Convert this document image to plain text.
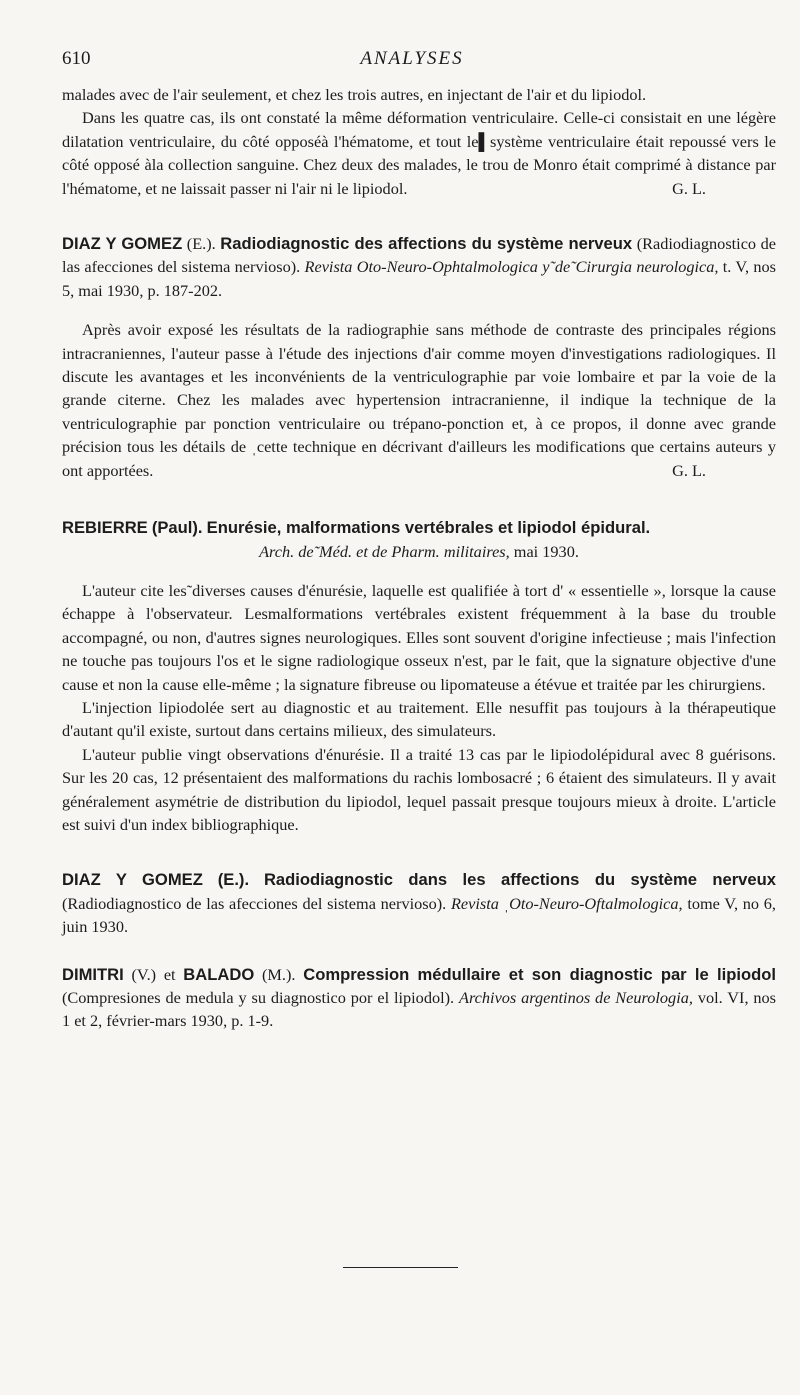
610	ANALYSES

malades avec de l'air seulement, et chez les trois autres, en injectant de l'air et du lipiodol.

Dans les quatre cas, ils ont constaté la même déformation ventriculaire. Celle-ci consistait en une légère dilatation ventriculaire, du côté opposéà l'hématome, et tout le▌système ventriculaire était repoussé vers le côté opposé àla collection sanguine. Chez deux des malades, le trou de Monro était comprimé à distance par l'hématome, et ne laissait passer ni l'air ni le lipiodol.	G. L.

DIAZ Y GOMEZ (E.). Radiodiagnostic des affections du système nerveux (Radiodiagnostico de las afecciones del sistema nervioso). Revista Oto-Neuro-Ophtalmologica y˜de˜Cirurgia neurologica, t. V, nos 5, mai 1930, p. 187-202.

Après avoir exposé les résultats de la radiographie sans méthode de contraste des principales régions intracraniennes, l'auteur passe à l'étude des injections d'air comme moyen d'investigations radiologiques. Il discute les avantages et les inconvénients de la ventriculographie par voie lombaire et par la voie de la grande citerne. Chez les malades avec hypertension intracranienne, il indique la technique de la ventriculographie par ponction ventriculaire ou trépano-ponction et, à ce propos, il donne avec grande précision tous les détails de ˌcette technique en décrivant d'ailleurs les modifications que certains auteurs y ont apportées.	G. L.

REBIERRE (Paul). Enurésie, malformations vertébrales et lipiodol épidural.

Arch. de˜Méd. et de Pharm. militaires, mai 1930.

L'auteur cite les˜diverses causes d'énurésie, laquelle est qualifiée à tort d' « essentielle », lorsque la cause échappe à l'observateur. Lesmalformations vertébrales existent fréquemment à la base du trouble accompagné, ou non, d'autres signes neurologiques. Elles sont souvent d'origine infectieuse ; mais l'infection ne touche pas toujours l'os et le signe radiologique osseux n'est, par le fait, que la signature objective d'une cause et non la cause elle-même ; la signature fibreuse ou lipomateuse a étévue et traitée par les chirurgiens.

L'injection lipiodolée sert au diagnostic et au traitement. Elle nesuffit pas toujours à la thérapeutique d'autant qu'il existe, surtout dans certains milieux, des simulateurs.

L'auteur publie vingt observations d'énurésie. Il a traité 13 cas par le lipiodolépidural avec 8 guérisons. Sur les 20 cas, 12 présentaient des malformations du rachis lombosacré ; 6 étaient des simulateurs. Il y avait généralement asymétrie de distribution du lipiodol, lequel passait presque toujours mieux à droite. L'article est suivi d'un index bibliographique.

DIAZ Y GOMEZ (E.). Radiodiagnostic dans les affections du système nerveux (Radiodiagnostico de las afecciones del sistema nervioso). Revista ˌOto-Neuro-Oftalmologica, tome V, no 6, juin 1930.

DIMITRI (V.) et BALADO (M.). Compression médullaire et son diagnostic par le lipiodol (Compresiones de medula y su diagnostico por el lipiodol). Archivos argentinos de Neurologia, vol. VI, nos 1 et 2, février-mars 1930, p. 1-9.
